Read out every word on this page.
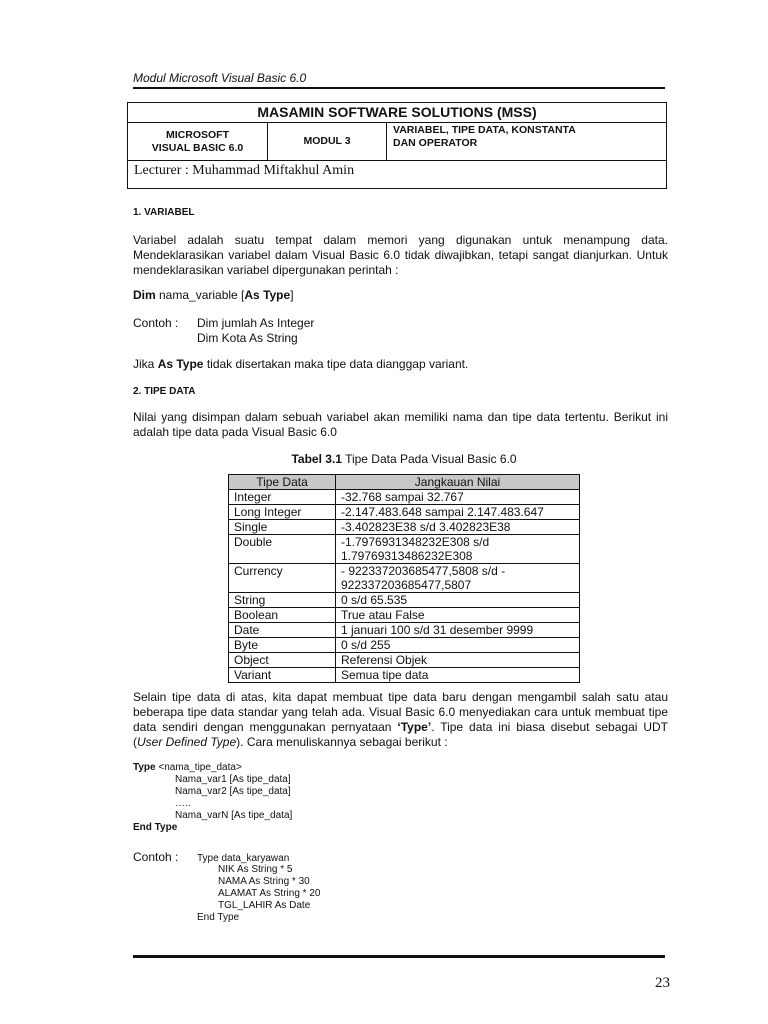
Modul Microsoft Visual Basic 6.0
MASAMIN SOFTWARE SOLUTIONS (MSS)
MICROSOFT
VISUAL BASIC 6.0
MODUL 3
VARIABEL, TIPE DATA, KONSTANTA
DAN OPERATOR
Lecturer : Muhammad Miftakhul Amin
1. VARIABEL
Variabel adalah suatu tempat dalam memori yang digunakan untuk menampung data. Mendeklarasikan variabel dalam Visual Basic 6.0 tidak diwajibkan, tetapi sangat dianjurkan. Untuk mendeklarasikan variabel dipergunakan perintah :
Dim nama_variable [As Type]
Contoh : Dim jumlah As Integer
Dim Kota As String
Jika As Type tidak disertakan maka tipe data dianggap variant.
2. TIPE DATA
Nilai yang disimpan dalam sebuah variabel akan memiliki nama dan tipe data tertentu. Berikut ini adalah tipe data pada Visual Basic 6.0
Tabel 3.1 Tipe Data Pada Visual Basic 6.0
Tipe Data	Jangkauan Nilai
Integer	-32.768 sampai 32.767
Long Integer	-2.147.483.648 sampai 2.147.483.647
Single	-3.402823E38 s/d 3.402823E38
Double	-1.7976931348232E308 s/d
1.79769313486232E308
Currency	- 922337203685477,5808 s/d -
922337203685477,5807
String	0 s/d 65.535
Boolean	True atau False
Date	1 januari 100 s/d 31 desember 9999
Byte	0 s/d 255
Object	Referensi Objek
Variant	Semua tipe data
Selain tipe data di atas, kita dapat membuat tipe data baru dengan mengambil salah satu atau beberapa tipe data standar yang telah ada. Visual Basic 6.0 menyediakan cara untuk membuat tipe data sendiri dengan menggunakan pernyataan ‘Type’. Tipe data ini biasa disebut sebagai UDT (User Defined Type). Cara menuliskannya sebagai berikut :
Type <nama_tipe_data>
Nama_var1 [As tipe_data]
Nama_var2 [As tipe_data]
…..
Nama_varN [As tipe_data]
End Type
Contoh : Type data_karyawan
NIK As String * 5
NAMA As String * 30
ALAMAT As String * 20
TGL_LAHIR As Date
End Type
23
